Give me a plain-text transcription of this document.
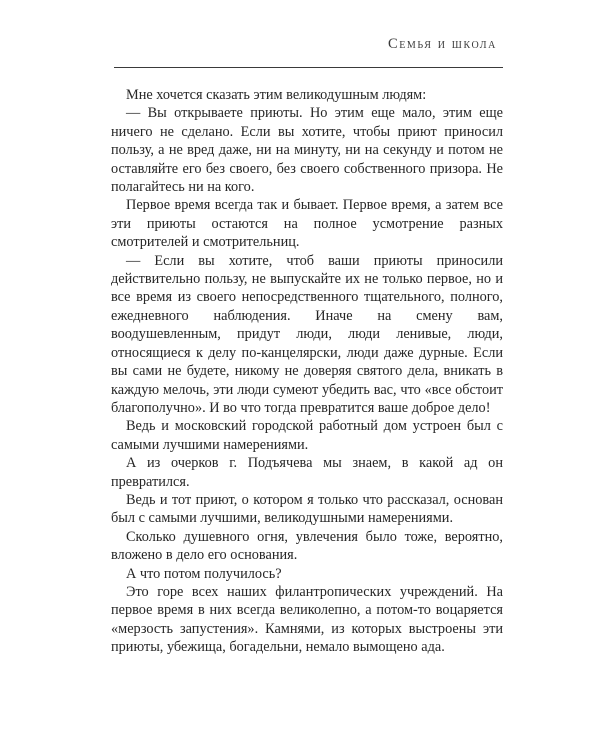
Семья и школа

Мне хочется сказать этим великодушным людям:

— Вы открываете приюты. Но этим еще мало, этим еще ничего не сделано. Если вы хотите, чтобы приют приносил пользу, а не вред даже, ни на минуту, ни на секунду и потом не оставляйте его без своего, без своего собственного призора. Не полагайтесь ни на кого.

Первое время всегда так и бывает. Первое время, а затем все эти приюты остаются на полное усмотрение разных смотрителей и смотрительниц.

— Если вы хотите, чтоб ваши приюты приносили действительно пользу, не выпускайте их не только первое, но и все время из своего непосредственного тщательного, полного, ежедневного наблюдения. Иначе на смену вам, воодушевленным, придут люди, люди ленивые, люди, относящиеся к делу по-канцелярски, люди даже дурные. Если вы сами не будете, никому не доверяя святого дела, вникать в каждую мелочь, эти люди сумеют убедить вас, что «все обстоит благополучно». И во что тогда превратится ваше доброе дело!

Ведь и московский городской работный дом устроен был с самыми лучшими намерениями.

А из очерков г. Подъячева мы знаем, в какой ад он превратился.

Ведь и тот приют, о котором я только что рассказал, основан был с самыми лучшими, великодушными намерениями.

Сколько душевного огня, увлечения было тоже, вероятно, вложено в дело его основания.

А что потом получилось?

Это горе всех наших филантропических учреждений. На первое время в них всегда великолепно, а потом-то воцаряется «мерзость запустения». Камнями, из которых выстроены эти приюты, убежища, богадельни, немало вымощено ада.
